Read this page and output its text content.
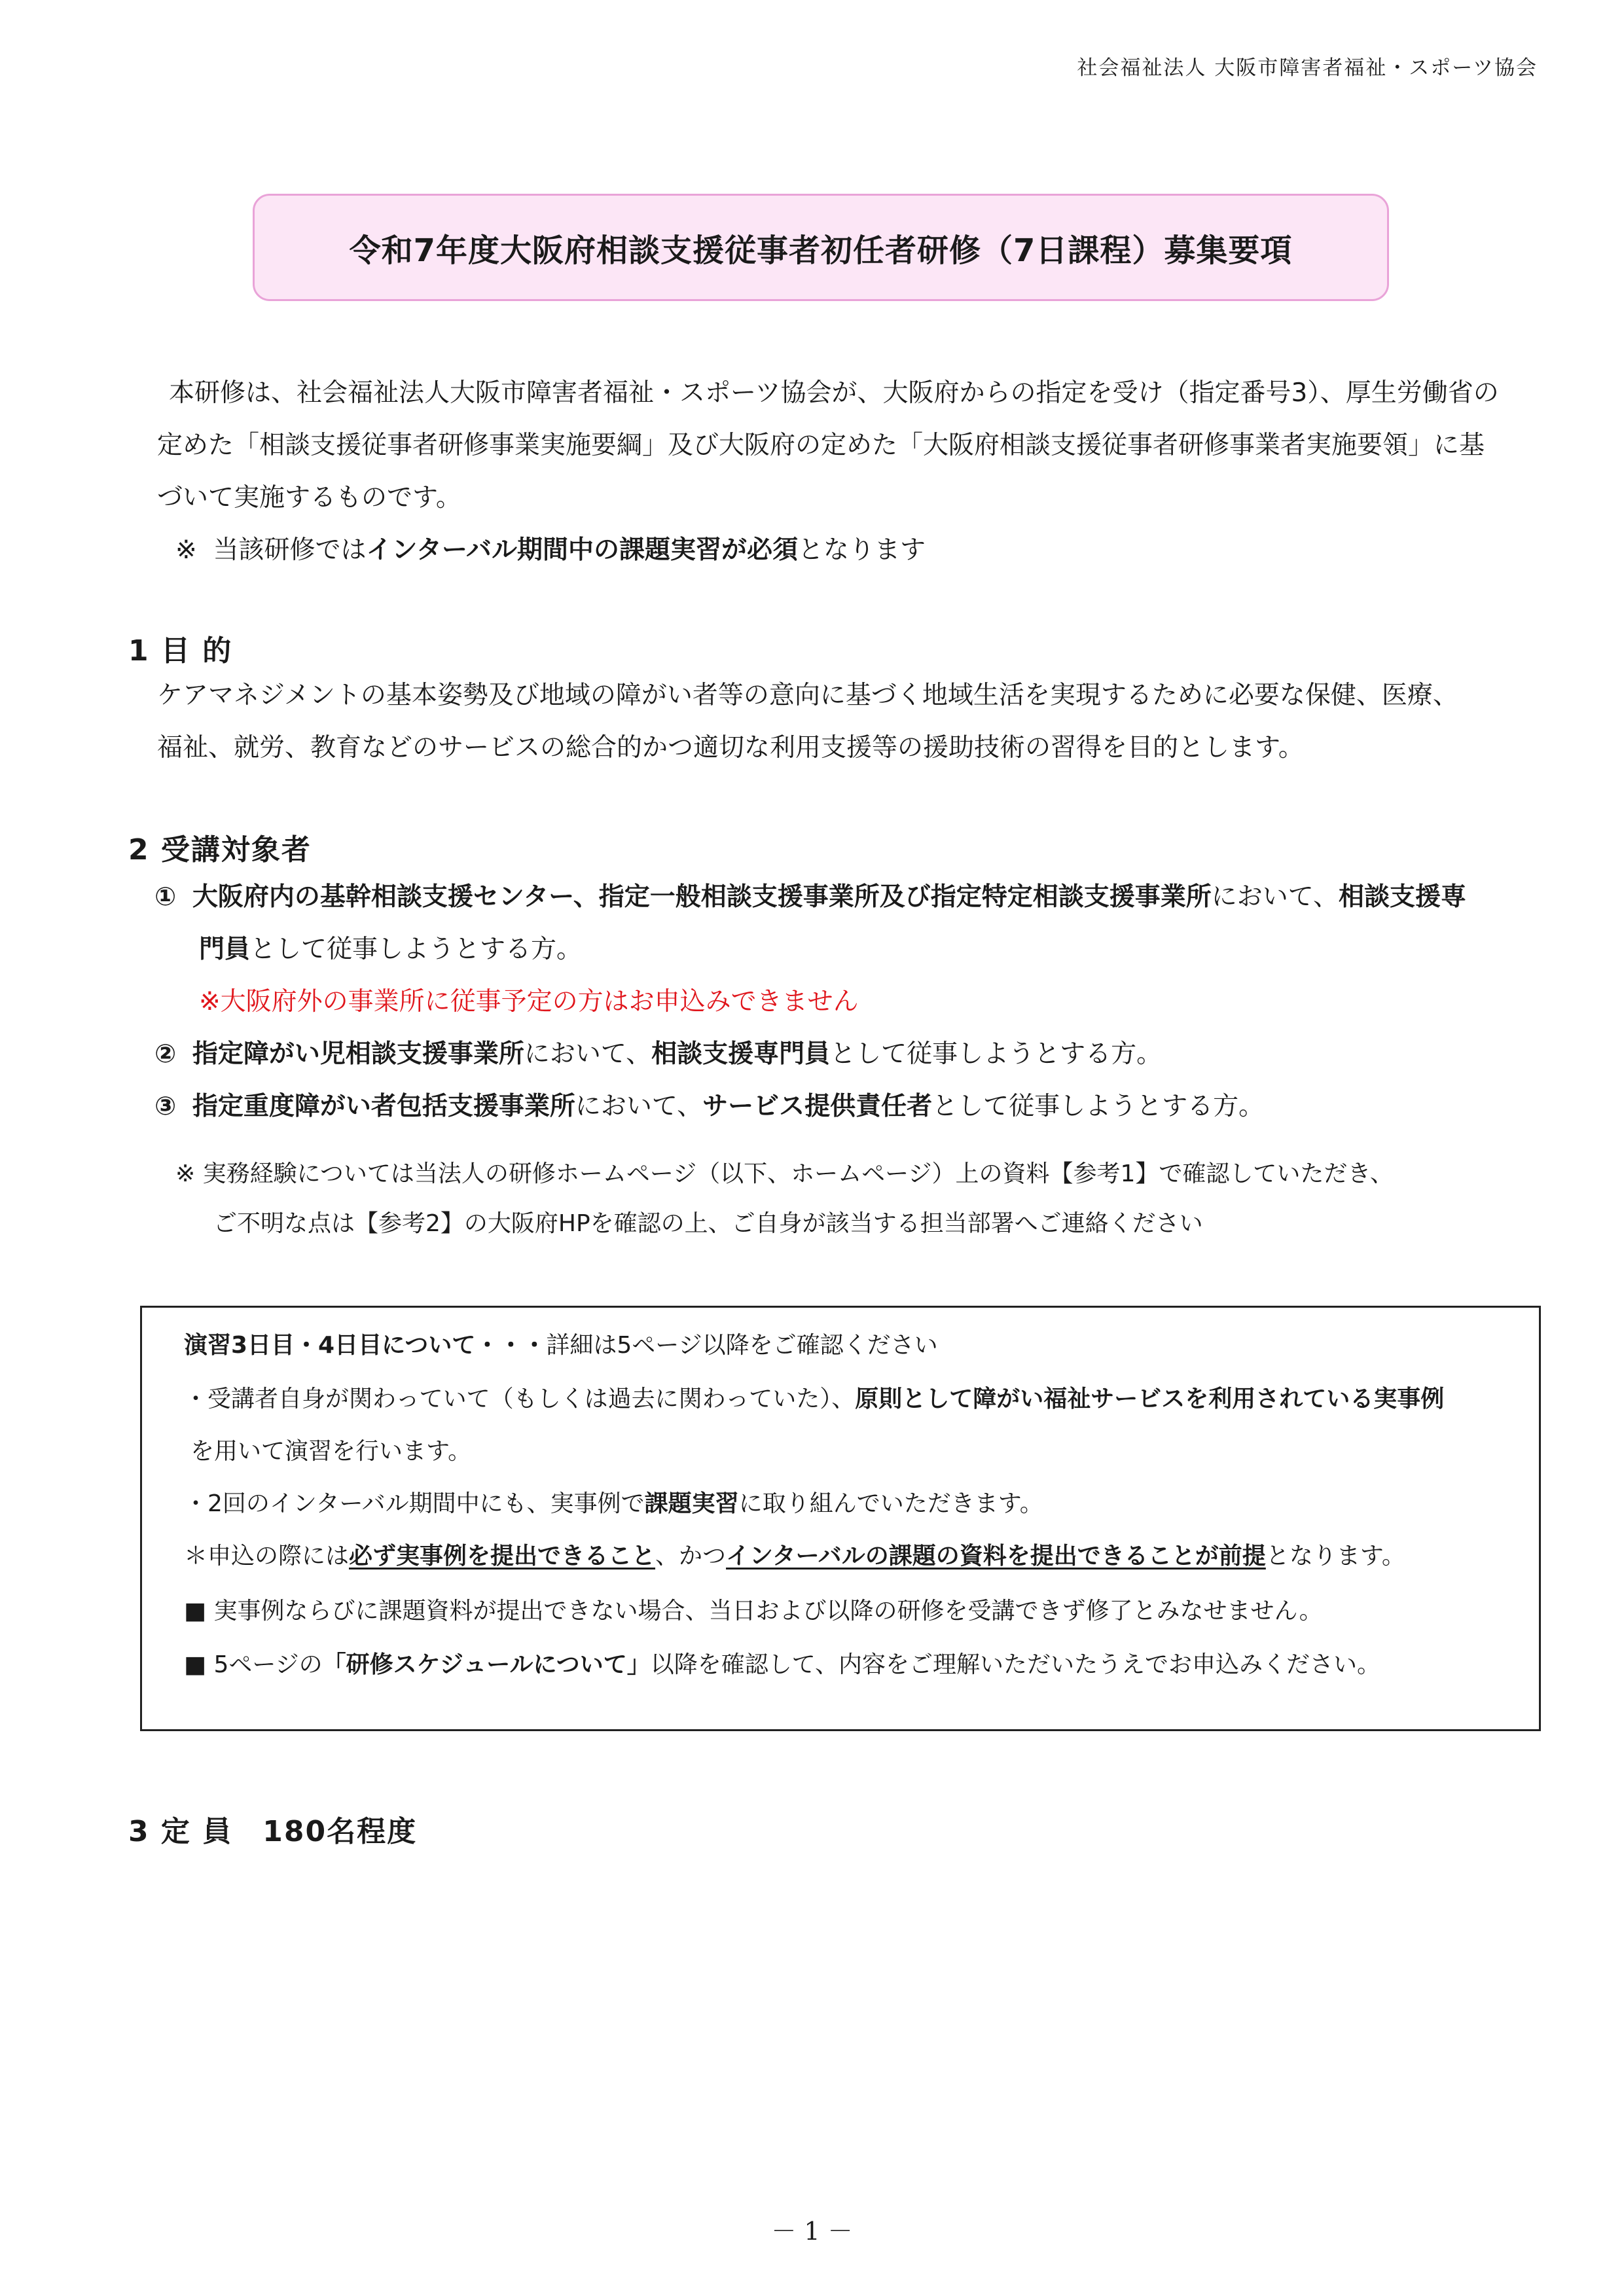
社会福祉法人 大阪市障害者福祉・スポーツ協会
令和7年度大阪府相談支援従事者初任者研修（7日課程）募集要項
本研修は、社会福祉法人大阪市障害者福祉・スポーツ協会が、大阪府からの指定を受け（指定番号3）、厚生労働省の
定めた「相談支援従事者研修事業実施要綱」及び大阪府の定めた「大阪府相談支援従事者研修事業者実施要領」に基
づいて実施するものです。
※ 当該研修ではインターバル期間中の課題実習が必須となります
1 目 的
ケアマネジメントの基本姿勢及び地域の障がい者等の意向に基づく地域生活を実現するために必要な保健、医療、
福祉、就労、教育などのサービスの総合的かつ適切な利用支援等の援助技術の習得を目的とします。
2 受講対象者
① 大阪府内の基幹相談支援センター、指定一般相談支援事業所及び指定特定相談支援事業所において、相談支援専
門員として従事しようとする方。
※大阪府外の事業所に従事予定の方はお申込みできません
② 指定障がい児相談支援事業所において、相談支援専門員として従事しようとする方。
③ 指定重度障がい者包括支援事業所において、サービス提供責任者として従事しようとする方。
※ 実務経験については当法人の研修ホームページ（以下、ホームページ）上の資料【参考1】で確認していただき、
ご不明な点は【参考2】の大阪府HPを確認の上、ご自身が該当する担当部署へご連絡ください
演習3日目・4日目について・・・詳細は5ページ以降をご確認ください
・受講者自身が関わっていて（もしくは過去に関わっていた）、原則として障がい福祉サービスを利用されている実事例
を用いて演習を行います。
・2回のインターバル期間中にも、実事例で課題実習に取り組んでいただきます。
＊申込の際には必ず実事例を提出できること、かつインターバルの課題の資料を提出できることが前提となります。
■ 実事例ならびに課題資料が提出できない場合、当日および以降の研修を受講できず修了とみなせません。
■ 5ページの「研修スケジュールについて」以降を確認して、内容をご理解いただいたうえでお申込みください。
3 定 員　180名程度
－ 1 －
